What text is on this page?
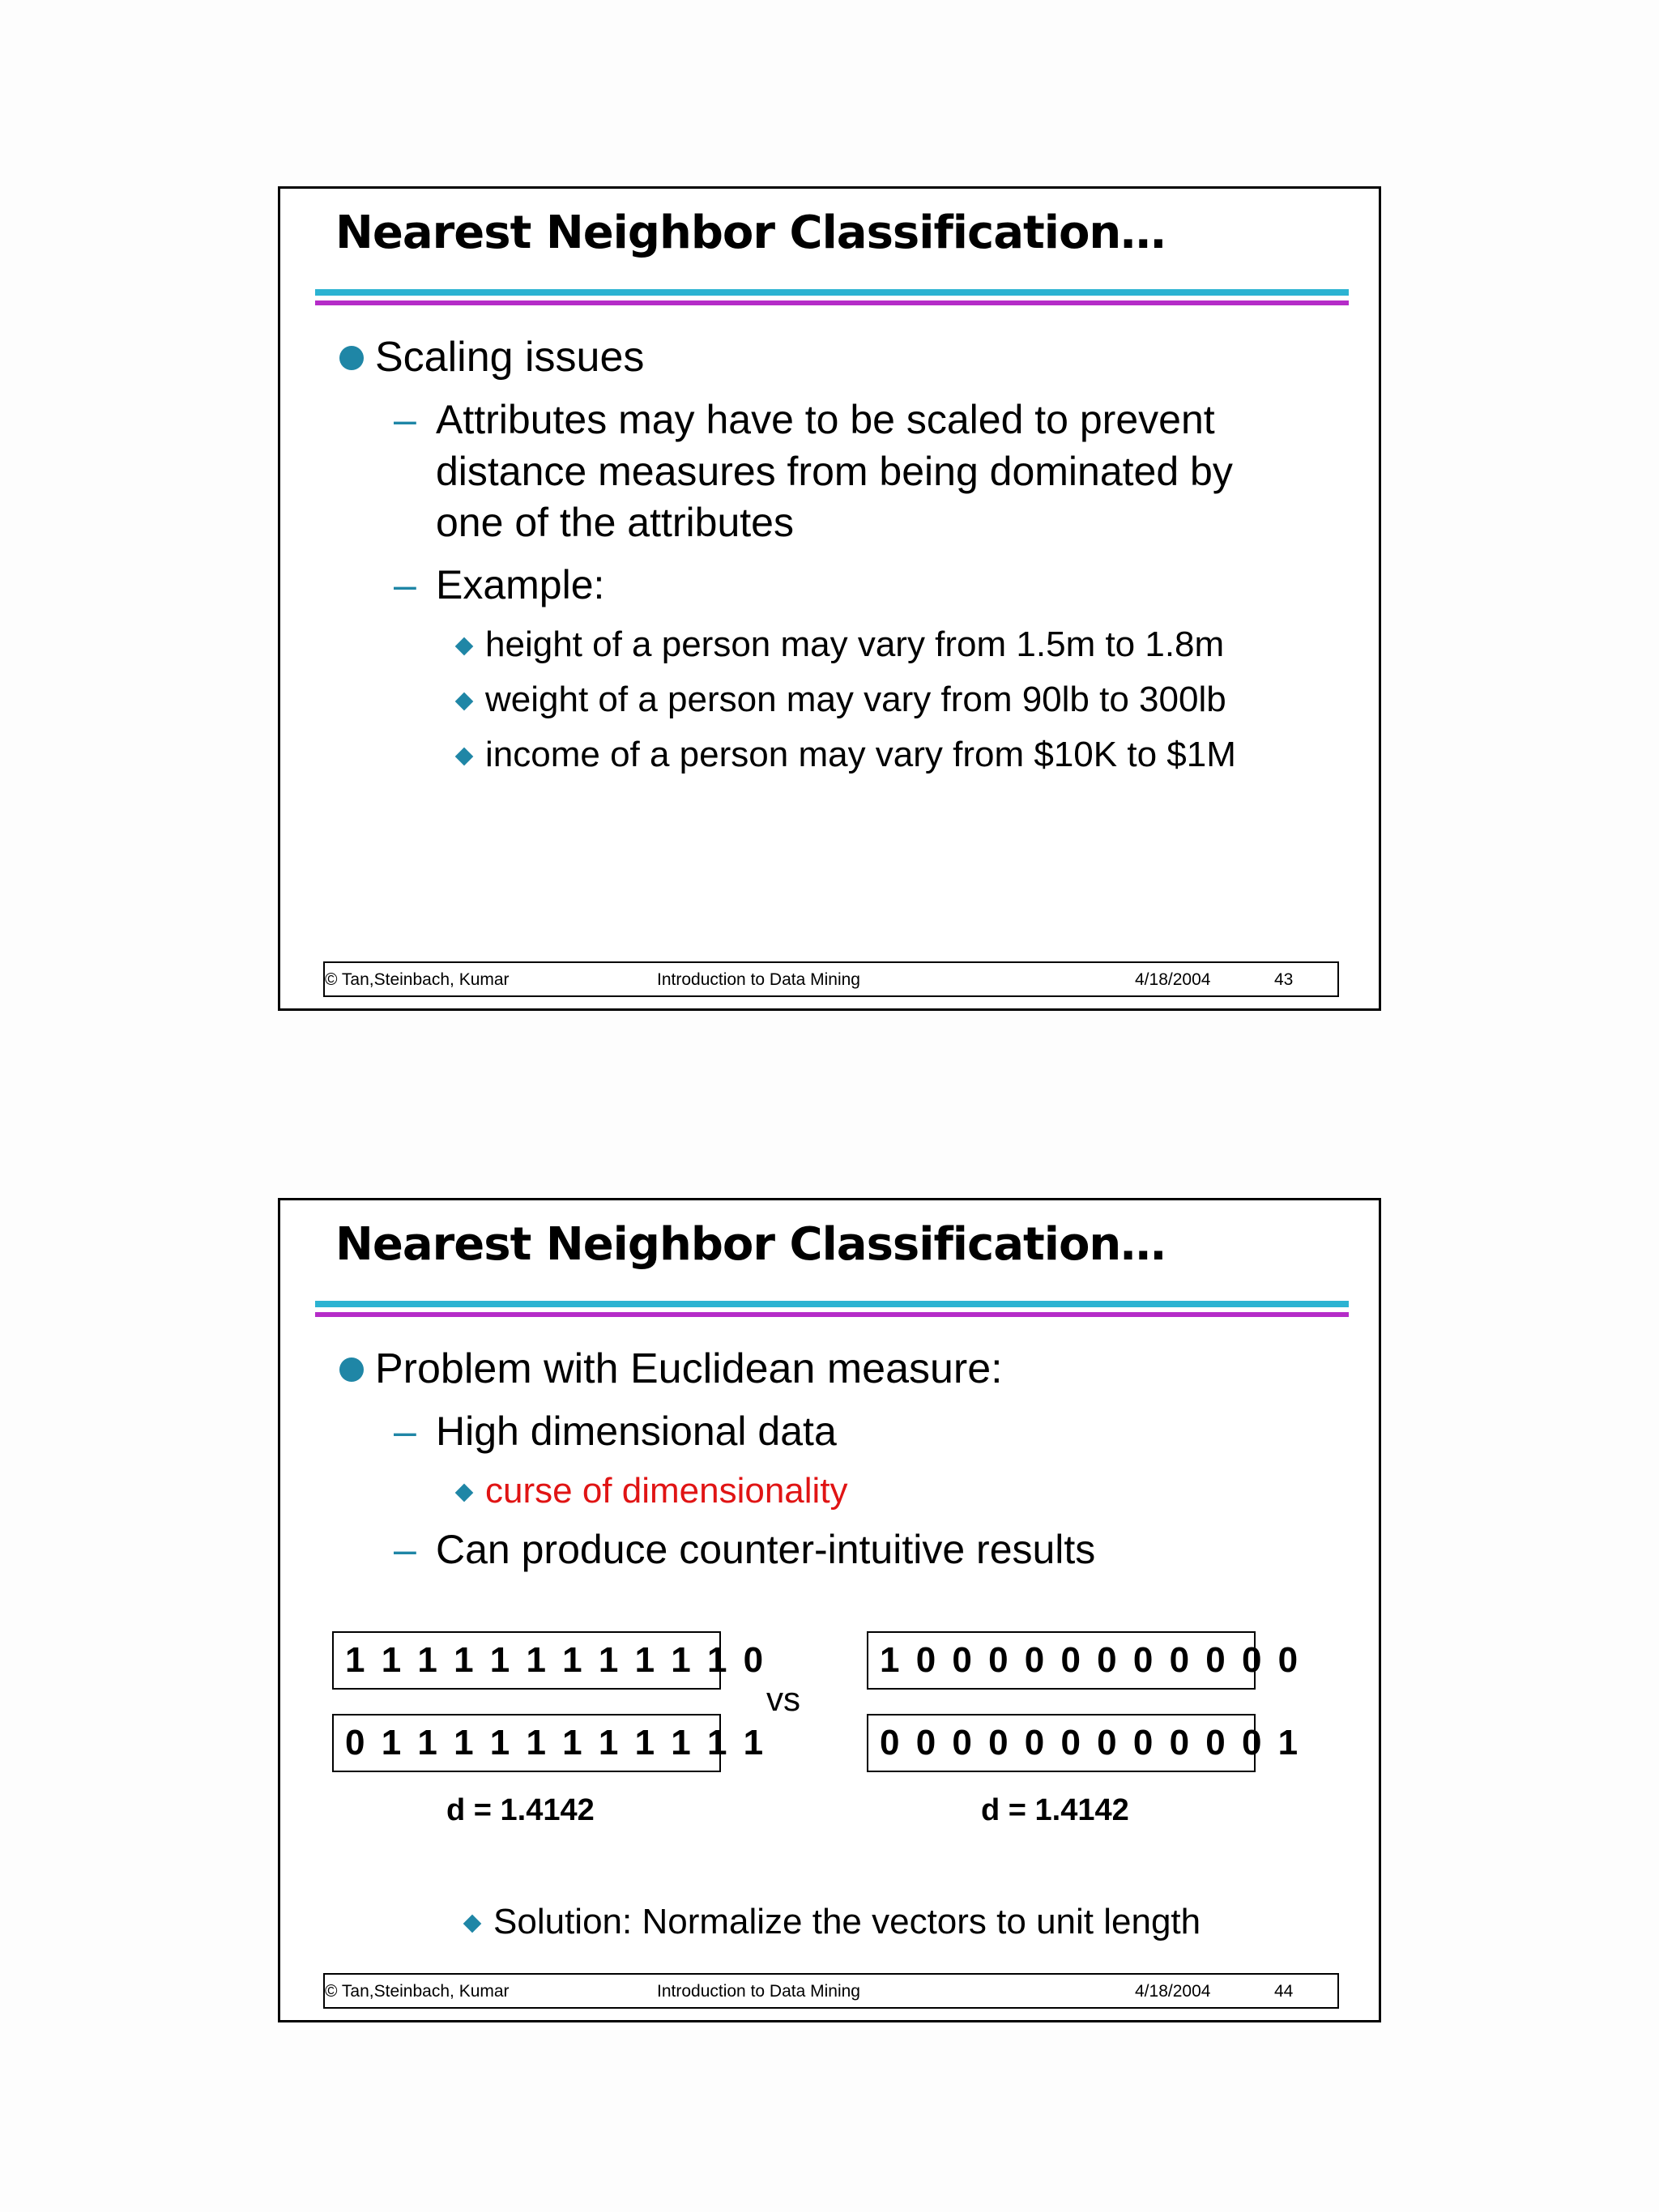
Nearest Neighbor Classification…
Scaling issues
– Attributes may have to be scaled to prevent
distance measures from being dominated by
one of the attributes
– Example:
height of a person may vary from 1.5m to 1.8m
weight of a person may vary from 90lb to 300lb
income of a person may vary from $10K to $1M
© Tan,Steinbach, Kumar	Introduction to Data Mining	4/18/2004	43
Nearest Neighbor Classification…
Problem with Euclidean measure:
– High dimensional data
curse of dimensionality
– Can produce counter-intuitive results
1 1 1 1 1 1 1 1 1 1 1 0
0 1 1 1 1 1 1 1 1 1 1 1
vs
1 0 0 0 0 0 0 0 0 0 0 0
0 0 0 0 0 0 0 0 0 0 0 1
d = 1.4142	d = 1.4142
Solution: Normalize the vectors to unit length
© Tan,Steinbach, Kumar	Introduction to Data Mining	4/18/2004	44
